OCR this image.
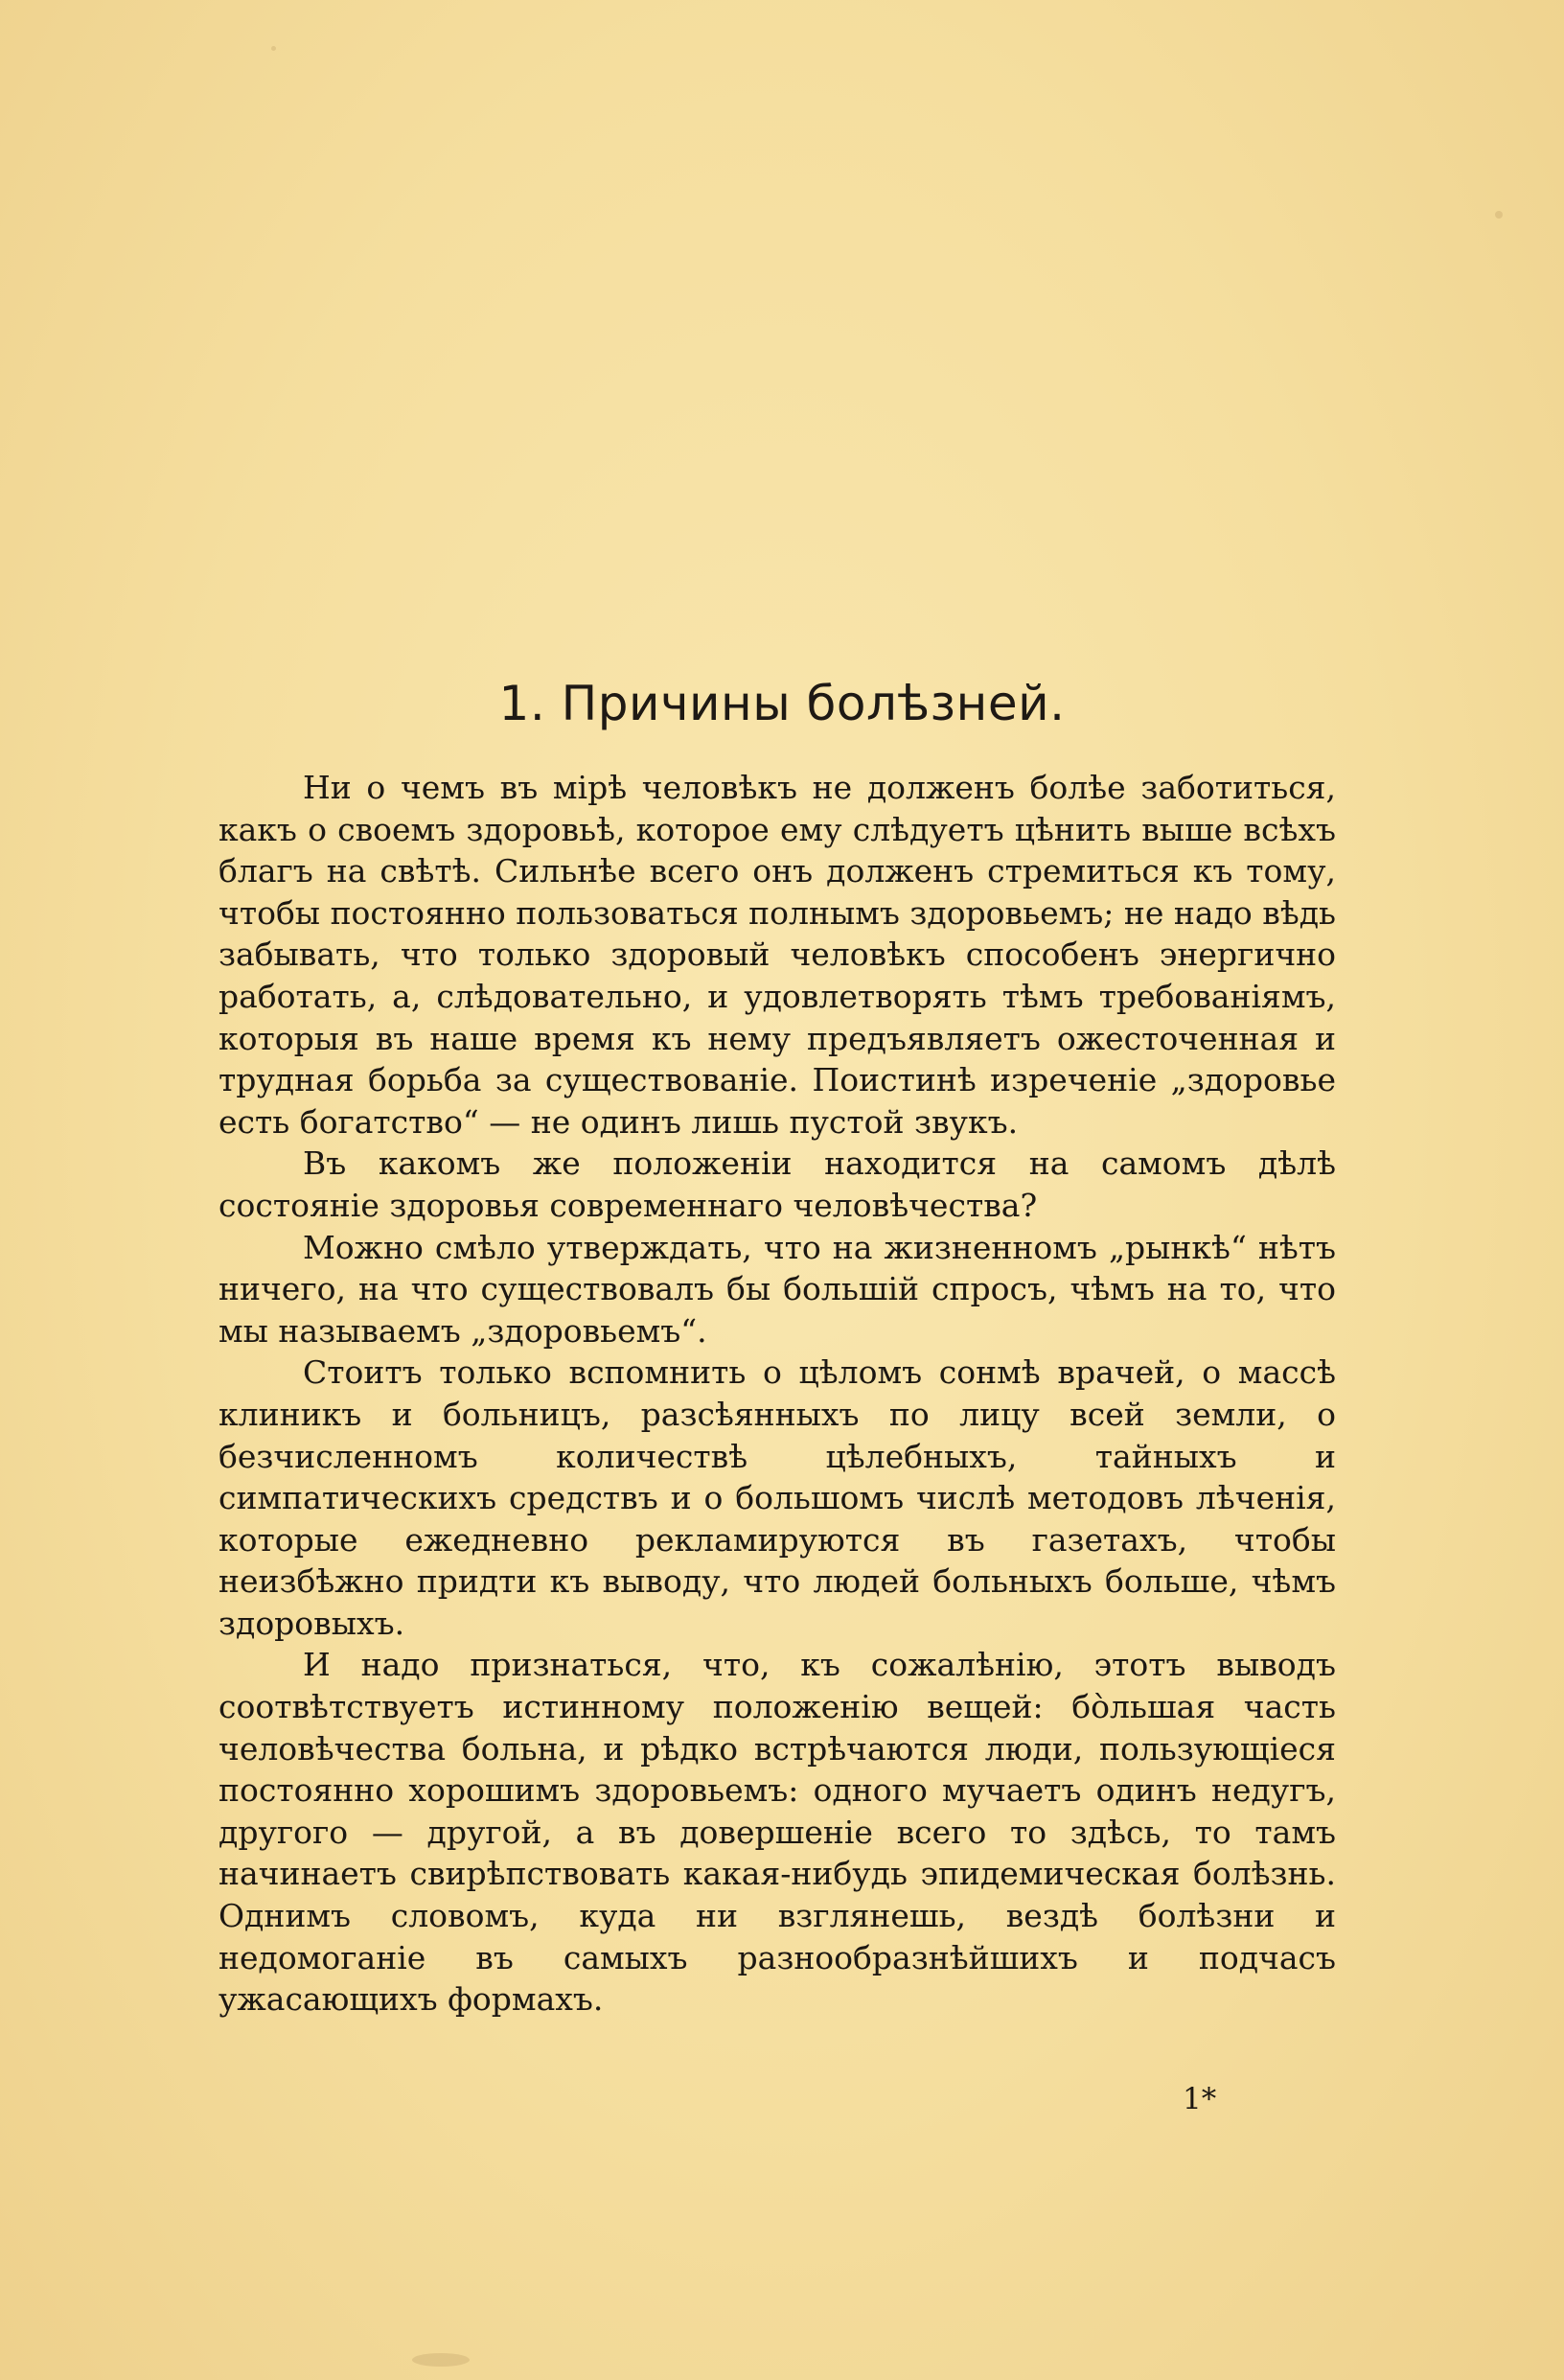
1. Причины болѣзней.

Ни о чемъ въ мірѣ человѣкъ не долженъ болѣе заботиться, какъ о своемъ здоровьѣ, которое ему слѣдуетъ цѣнить выше всѣхъ благъ на свѣтѣ. Сильнѣе всего онъ долженъ стремиться къ тому, чтобы постоянно пользоваться полнымъ здоровьемъ; не надо вѣдь забывать, что только здоровый человѣкъ способенъ энергично работать, а, слѣдовательно, и удовлетворять тѣмъ требованіямъ, которыя въ наше время къ нему предъявляетъ ожесточенная и трудная борьба за существованіе. Поистинѣ изреченіе „здоровье есть богатство“ — не одинъ лишь пустой звукъ.

Въ какомъ же положеніи находится на самомъ дѣлѣ состояніе здоровья современнаго человѣчества?

Можно смѣло утверждать, что на жизненномъ „рынкѣ“ нѣтъ ничего, на что существовалъ бы большій спросъ, чѣмъ на то, что мы называемъ „здоровьемъ“.

Стоитъ только вспомнить о цѣломъ сонмѣ врачей, о массѣ клиникъ и больницъ, разсѣянныхъ по лицу всей земли, о безчисленномъ количествѣ цѣлебныхъ, тайныхъ и симпатическихъ средствъ и о большомъ числѣ методовъ лѣченія, которые ежедневно рекламируются въ газетахъ, чтобы неизбѣжно придти къ выводу, что людей больныхъ больше, чѣмъ здоровыхъ.

И надо признаться, что, къ сожалѣнію, этотъ выводъ соотвѣтствуетъ истинному положенію вещей: бо̀льшая часть человѣчества больна, и рѣдко встрѣчаются люди, пользующіеся постоянно хорошимъ здоровьемъ: одного мучаетъ одинъ недугъ, другого — другой, а въ довершеніе всего то здѣсь, то тамъ начинаетъ свирѣпствовать какая-нибудь эпидемическая болѣзнь. Однимъ словомъ, куда ни взглянешь, вездѣ болѣзни и недомоганіе въ самыхъ разнообразнѣйшихъ и подчасъ ужасающихъ формахъ.

1*
